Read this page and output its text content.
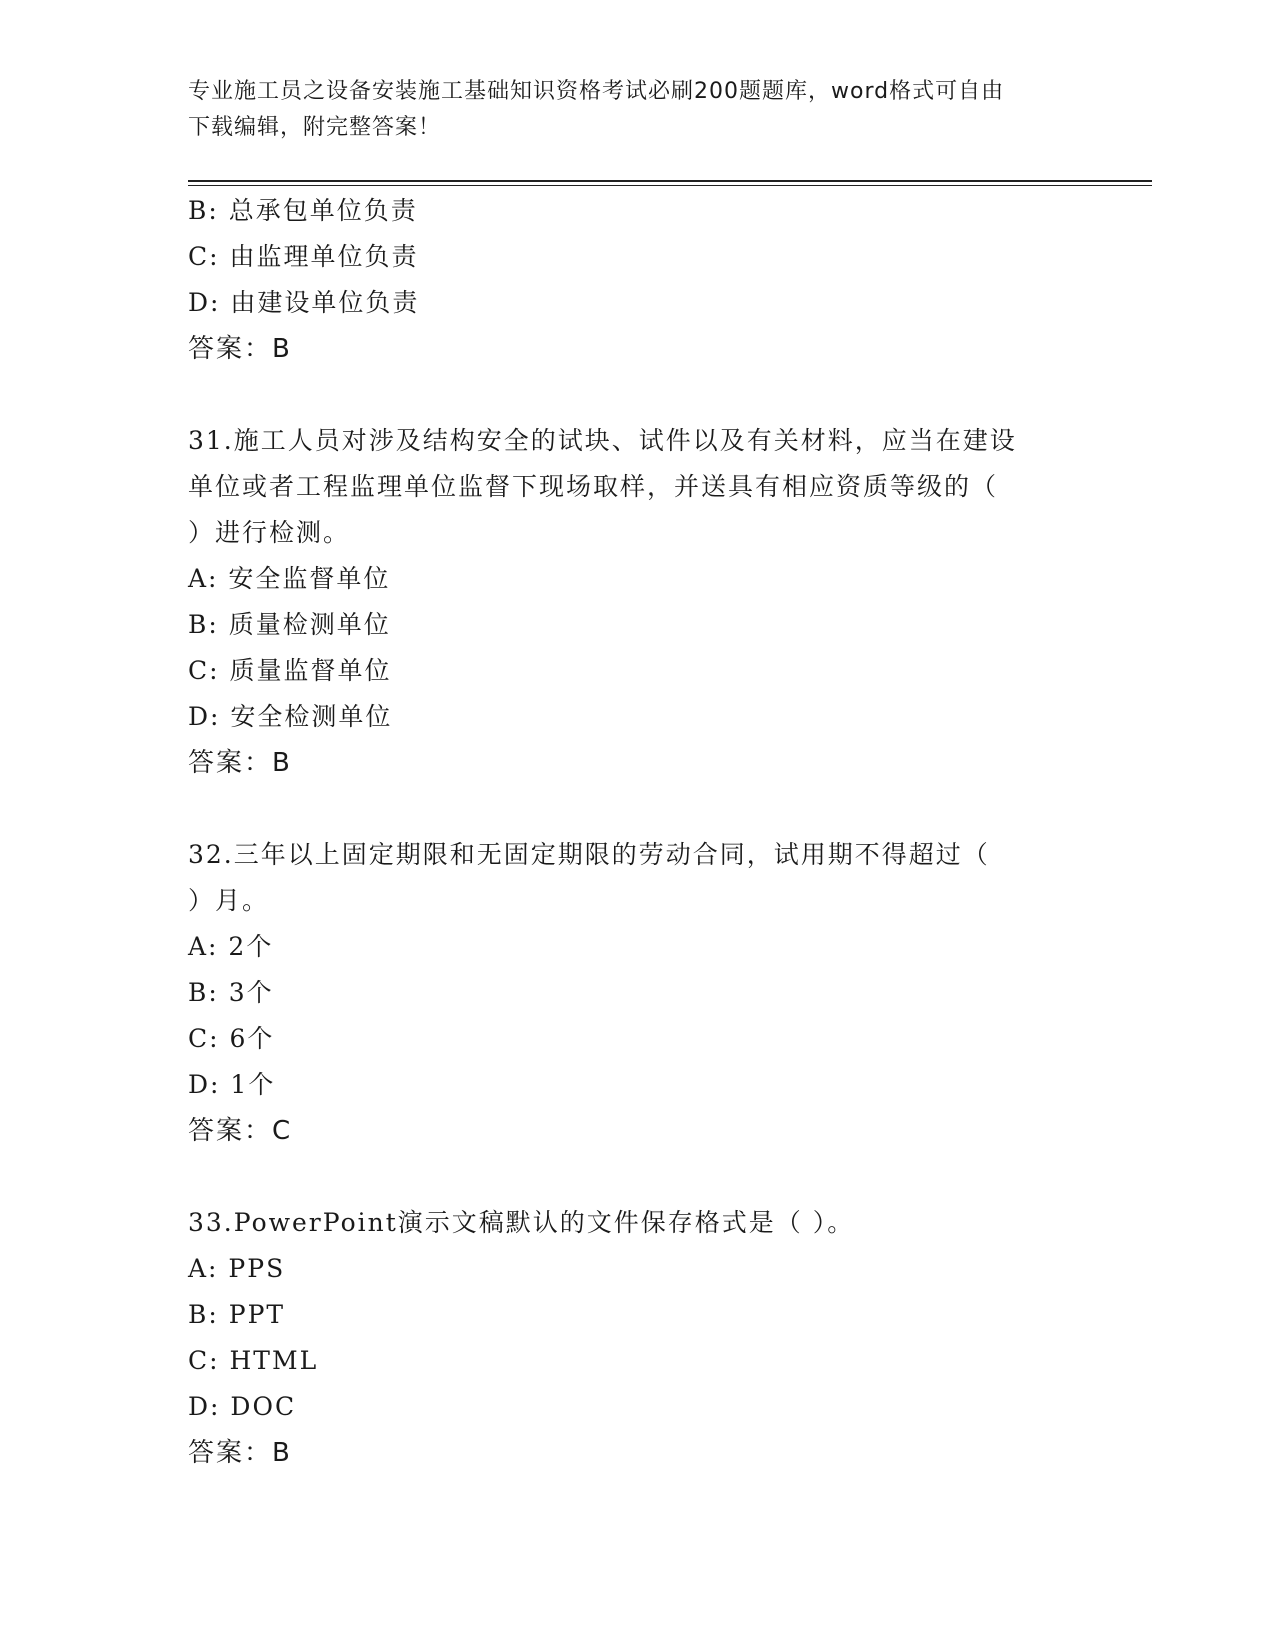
专业施工员之设备安装施工基础知识资格考试必刷200题题库，word格式可自由
下载编辑，附完整答案！
B: 总承包单位负责
C: 由监理单位负责
D: 由建设单位负责
答案：B
31.施工人员对涉及结构安全的试块、试件以及有关材料，应当在建设
单位或者工程监理单位监督下现场取样，并送具有相应资质等级的（
）进行检测。
A: 安全监督单位
B: 质量检测单位
C: 质量监督单位
D: 安全检测单位
答案：B
32.三年以上固定期限和无固定期限的劳动合同，试用期不得超过（
）月。
A: 2个
B: 3个
C: 6个
D: 1个
答案：C
33.PowerPoint演示文稿默认的文件保存格式是（ ）。
A: PPS
B: PPT
C: HTML
D: DOC
答案：B
